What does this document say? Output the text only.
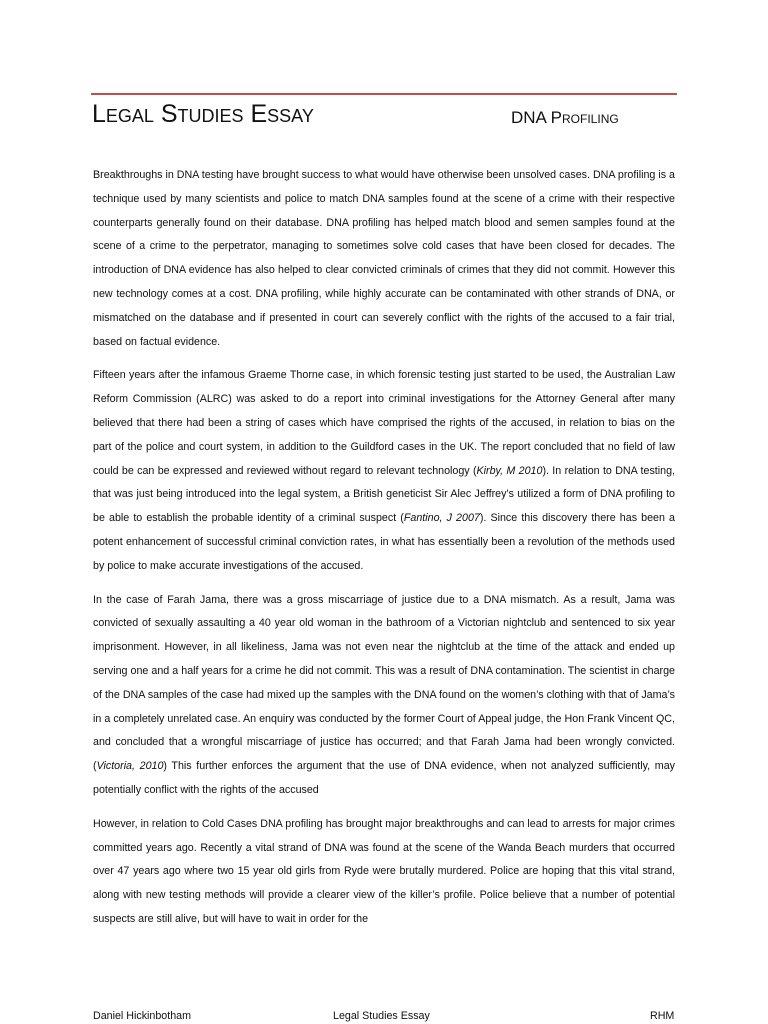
Legal Studies Essay	DNA Profiling

Breakthroughs in DNA testing have brought success to what would have otherwise been unsolved cases. DNA profiling is a technique used by many scientists and police to match DNA samples found at the scene of a crime with their respective counterparts generally found on their database. DNA profiling has helped match blood and semen samples found at the scene of a crime to the perpetrator, managing to sometimes solve cold cases that have been closed for decades. The introduction of DNA evidence has also helped to clear convicted criminals of crimes that they did not commit. However this new technology comes at a cost. DNA profiling, while highly accurate can be contaminated with other strands of DNA, or mismatched on the database and if presented in court can severely conflict with the rights of the accused to a fair trial, based on factual evidence.

Fifteen years after the infamous Graeme Thorne case, in which forensic testing just started to be used, the Australian Law Reform Commission (ALRC) was asked to do a report into criminal investigations for the Attorney General after many believed that there had been a string of cases which have comprised the rights of the accused, in relation to bias on the part of the police and court system, in addition to the Guildford cases in the UK. The report concluded that no field of law could be can be expressed and reviewed without regard to relevant technology (Kirby, M 2010). In relation to DNA testing, that was just being introduced into the legal system, a British geneticist Sir Alec Jeffrey’s utilized a form of DNA profiling to be able to establish the probable identity of a criminal suspect (Fantino, J 2007). Since this discovery there has been a potent enhancement of successful criminal conviction rates, in what has essentially been a revolution of the methods used by police to make accurate investigations of the accused.

In the case of Farah Jama, there was a gross miscarriage of justice due to a DNA mismatch. As a result, Jama was convicted of sexually assaulting a 40 year old woman in the bathroom of a Victorian nightclub and sentenced to six year imprisonment. However, in all likeliness, Jama was not even near the nightclub at the time of the attack and ended up serving one and a half years for a crime he did not commit. This was a result of DNA contamination. The scientist in charge of the DNA samples of the case had mixed up the samples with the DNA found on the women’s clothing with that of Jama’s in a completely unrelated case. An enquiry was conducted by the former Court of Appeal judge, the Hon Frank Vincent QC, and concluded that a wrongful miscarriage of justice has occurred; and that Farah Jama had been wrongly convicted. (Victoria, 2010) This further enforces the argument that the use of DNA evidence, when not analyzed sufficiently, may potentially conflict with the rights of the accused

However, in relation to Cold Cases DNA profiling has brought major breakthroughs and can lead to arrests for major crimes committed years ago. Recently a vital strand of DNA was found at the scene of the Wanda Beach murders that occurred over 47 years ago where two 15 year old girls from Ryde were brutally murdered. Police are hoping that this vital strand, along with new testing methods will provide a clearer view of the killer’s profile. Police believe that a number of potential suspects are still alive, but will have to wait in order for the

Daniel Hickinbotham	Legal Studies Essay	RHM
